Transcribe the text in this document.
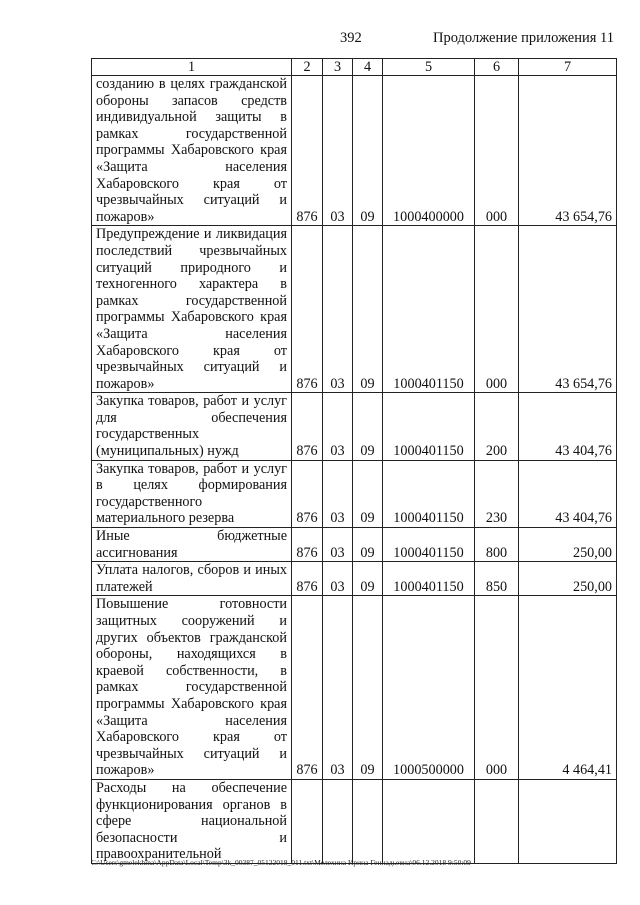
392	Продолжение приложения 11
1	2	3	4	5	6	7
созданию в целях гражданской обороны запасов средств индивидуальной защиты в рамках государственной программы Хабаровского края «Защита населения Хабаровского края от чрезвычайных ситуаций и пожаров»	876	03	09	1000400000	000	43 654,76
Предупреждение и ликвидация последствий чрезвычайных ситуаций природного и техногенного характера в рамках государственной программы Хабаровского края «Защита населения Хабаровского края от чрезвычайных ситуаций и пожаров»	876	03	09	1000401150	000	43 654,76
Закупка товаров, работ и услуг для обеспечения государственных (муниципальных) нужд	876	03	09	1000401150	200	43 404,76
Закупка товаров, работ и услуг в целях формирования государственного материального резерва	876	03	09	1000401150	230	43 404,76
Иные бюджетные ассигнования	876	03	09	1000401150	800	250,00
Уплата налогов, сборов и иных платежей	876	03	09	1000401150	850	250,00
Повышение готовности защитных сооружений и других объектов гражданской обороны, находящихся в краевой собственности, в рамках государственной программы Хабаровского края «Защита населения Хабаровского края от чрезвычайных ситуаций и пожаров»	876	03	09	1000500000	000	4 464,41
Расходы на обеспечение функционирования органов в сфере национальной безопасности и правоохранительной						
C:\Users\gmelekhina\AppData\Local\Temp\3k_00387_05122018_011.txt\Мелехина Ирина Геннадьевна\06.12.2018 9:50:09
